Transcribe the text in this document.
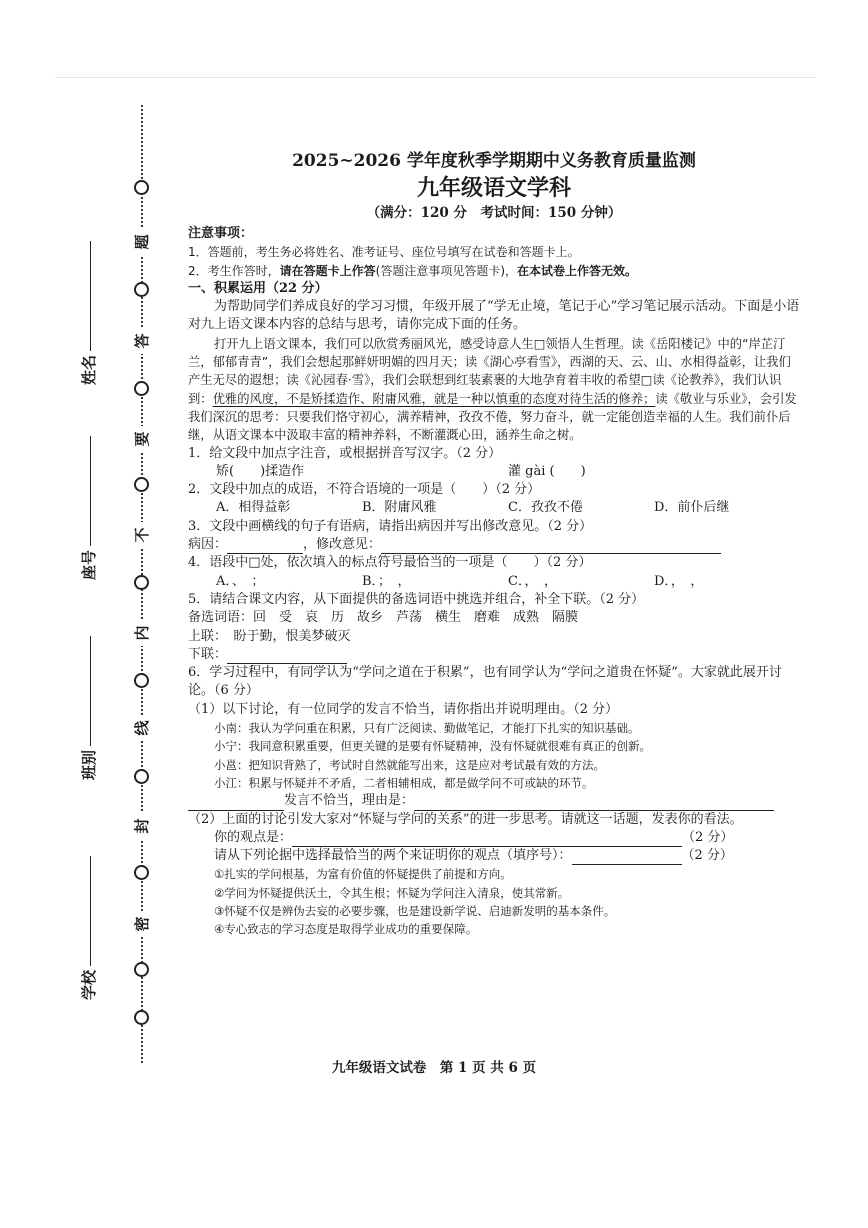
题
答
要
不
内
线
封
密
姓名
座号
班别
学校
2025~2026 学年度秋季学期期中义务教育质量监测
九年级语文学科
（满分：120 分　考试时间：150 分钟）

注意事项：

1．答题前，考生务必将姓名、准考证号、座位号填写在试卷和答题卡上。

2．考生作答时，请在答题卡上作答(答题注意事项见答题卡)，在本试卷上作答无效。

一、积累运用（22 分）

为帮助同学们养成良好的学习习惯，年级开展了“学无止境，笔记于心”学习笔记展示活动。下面是小语对九上语文课本内容的总结与思考，请你完成下面的任务。

打开九上语文课本，我们可以欣赏秀丽风光，感受诗意人生□领悟人生哲理。读《岳阳楼记》中的“岸芷汀兰，郁郁青青”，我们会想起那鲜妍明媚的四月天；读《湖心亭看雪》，西湖的天、云、山、水相得益彰，让我们产生无尽的遐想；读《沁园春·雪》，我们会联想到红装素裹的大地孕育着丰收的希望□读《论教养》，我们认识到：优雅的风度，不是矫揉造作、附庸风雅，就是一种以慎重的态度对待生活的修养；读《敬业与乐业》，会引发我们深沉的思考：只要我们恪守初心，满养精神，孜孜不倦，努力奋斗，就一定能创造幸福的人生。我们前仆后继，从语文课本中汲取丰富的精神养料，不断灌溉心田，涵养生命之树。

1．给文段中加点字注音，或根据拼音写汉字。（2 分）

矫(　　)揉造作	灌 gài (　　)

2．文段中加点的成语，不符合语境的一项是（　　）（2 分）

A．相得益彰	B．附庸风雅	C．孜孜不倦	D．前仆后继

3．文段中画横线的句子有语病，请指出病因并写出修改意见。（2 分）

病因：	，修改意见：

4．语段中□处，依次填入的标点符号最恰当的一项是（　　）（2 分）

A．、　；	B．；　，	C．，　，	D．，　，

5．请结合课文内容，从下面提供的备选词语中挑选并组合，补全下联。（2 分）

备选词语：回　受　哀　历　故乡　芦荡　横生　磨难　成熟　隔膜

上联：　盼于勤，恨美梦破灭

下联：

6．学习过程中，有同学认为“学问之道在于积累”，也有同学认为“学问之道贵在怀疑”。大家就此展开讨论。（6 分）

（1）以下讨论，有一位同学的发言不恰当，请你指出并说明理由。（2 分）

小南：我认为学问重在积累，只有广泛阅读、勤做笔记，才能打下扎实的知识基础。

小宁：我同意积累重要，但更关键的是要有怀疑精神，没有怀疑就很难有真正的创新。

小邕：把知识背熟了，考试时自然就能写出来，这是应对考试最有效的方法。

小江：积累与怀疑并不矛盾，二者相辅相成，都是做学问不可或缺的环节。

发言不恰当，理由是：

（2）上面的讨论引发大家对“怀疑与学问的关系”的进一步思考。请就这一话题，发表你的看法。

你的观点是：	（2 分）

请从下列论据中选择最恰当的两个来证明你的观点（填序号）：	（2 分）

①扎实的学问根基，为富有价值的怀疑提供了前提和方向。

②学问为怀疑提供沃土，令其生根；怀疑为学问注入清泉，使其常新。

③怀疑不仅是辨伪去妄的必要步骤，也是建设新学说、启迪新发明的基本条件。

④专心致志的学习态度是取得学业成功的重要保障。

九年级语文试卷　第 1 页 共 6 页
